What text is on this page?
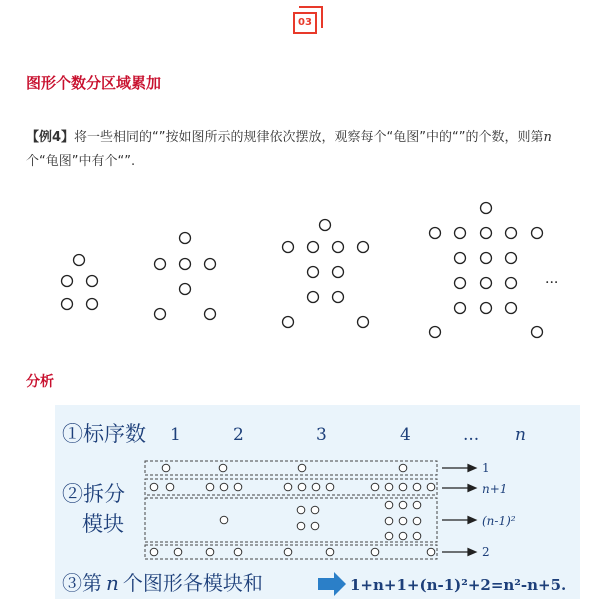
03
图形个数分区域累加
【例4】将一些相同的“”按如图所示的规律依次摆放，观察每个“龟图”中的“”的个数，则第n
个“龟图”中有个“”.
...
分析
①标序数 1	2	3	4	... n
②拆分
模块
1
n+1
(n-1)²
2
③第 n 个图形各模块和	1+n+1+(n-1)²+2=n²-n+5.
